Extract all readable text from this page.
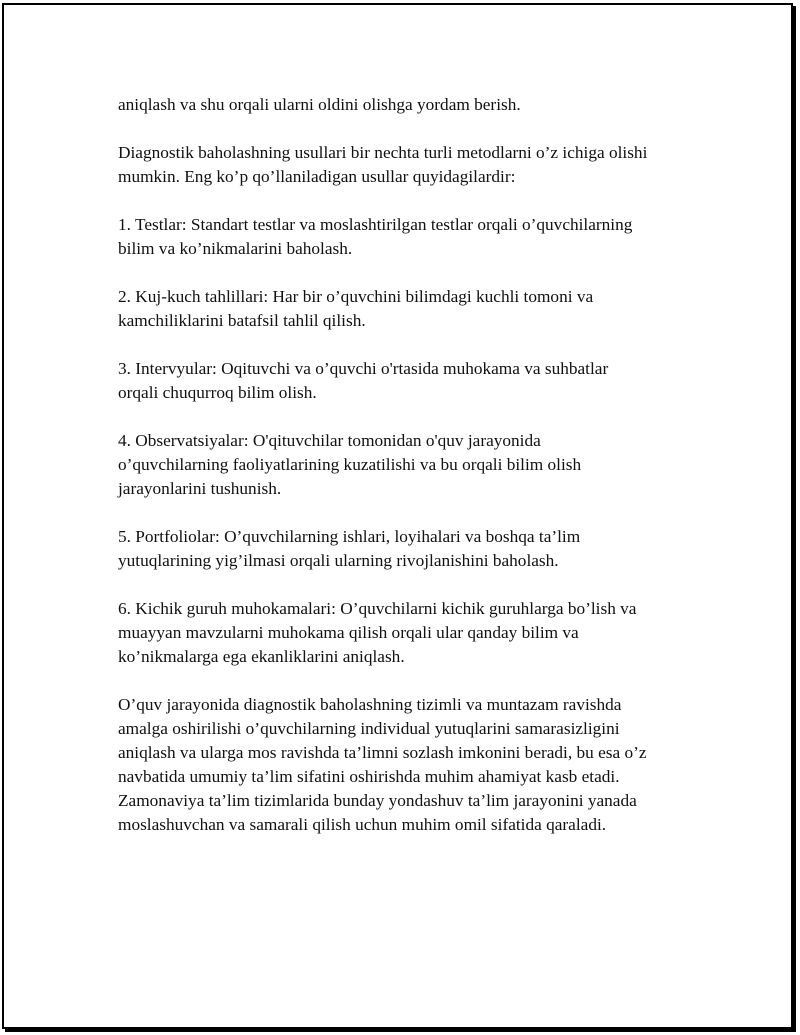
aniqlash va shu orqali ularni oldini olishga yordam berish.

Diagnostik baholashning usullari bir nechta turli metodlarni o’z ichiga olishi
mumkin. Eng ko’p qo’llaniladigan usullar quyidagilardir:

1. Testlar: Standart testlar va moslashtirilgan testlar orqali o’quvchilarning
bilim va ko’nikmalarini baholash.

2. Kuj-kuch tahlillari: Har bir o’quvchini bilimdagi kuchli tomoni va
kamchiliklarini batafsil tahlil qilish.

3. Intervyular: Oqituvchi va o’quvchi o'rtasida muhokama va suhbatlar
orqali chuqurroq bilim olish.

4. Observatsiyalar: O'qituvchilar tomonidan o'quv jarayonida
o’quvchilarning faoliyatlarining kuzatilishi va bu orqali bilim olish
jarayonlarini tushunish.

5. Portfoliolar: O’quvchilarning ishlari, loyihalari va boshqa ta’lim
yutuqlarining yig’ilmasi orqali ularning rivojlanishini baholash.

6. Kichik guruh muhokamalari: O’quvchilarni kichik guruhlarga bo’lish va
muayyan mavzularni muhokama qilish orqali ular qanday bilim va
ko’nikmalarga ega ekanliklarini aniqlash.

O’quv jarayonida diagnostik baholashning tizimli va muntazam ravishda
amalga oshirilishi o’quvchilarning individual yutuqlarini samarasizligini
aniqlash va ularga mos ravishda ta’limni sozlash imkonini beradi, bu esa o’z
navbatida umumiy ta’lim sifatini oshirishda muhim ahamiyat kasb etadi.
Zamonaviya ta’lim tizimlarida bunday yondashuv ta’lim jarayonini yanada
moslashuvchan va samarali qilish uchun muhim omil sifatida qaraladi.
